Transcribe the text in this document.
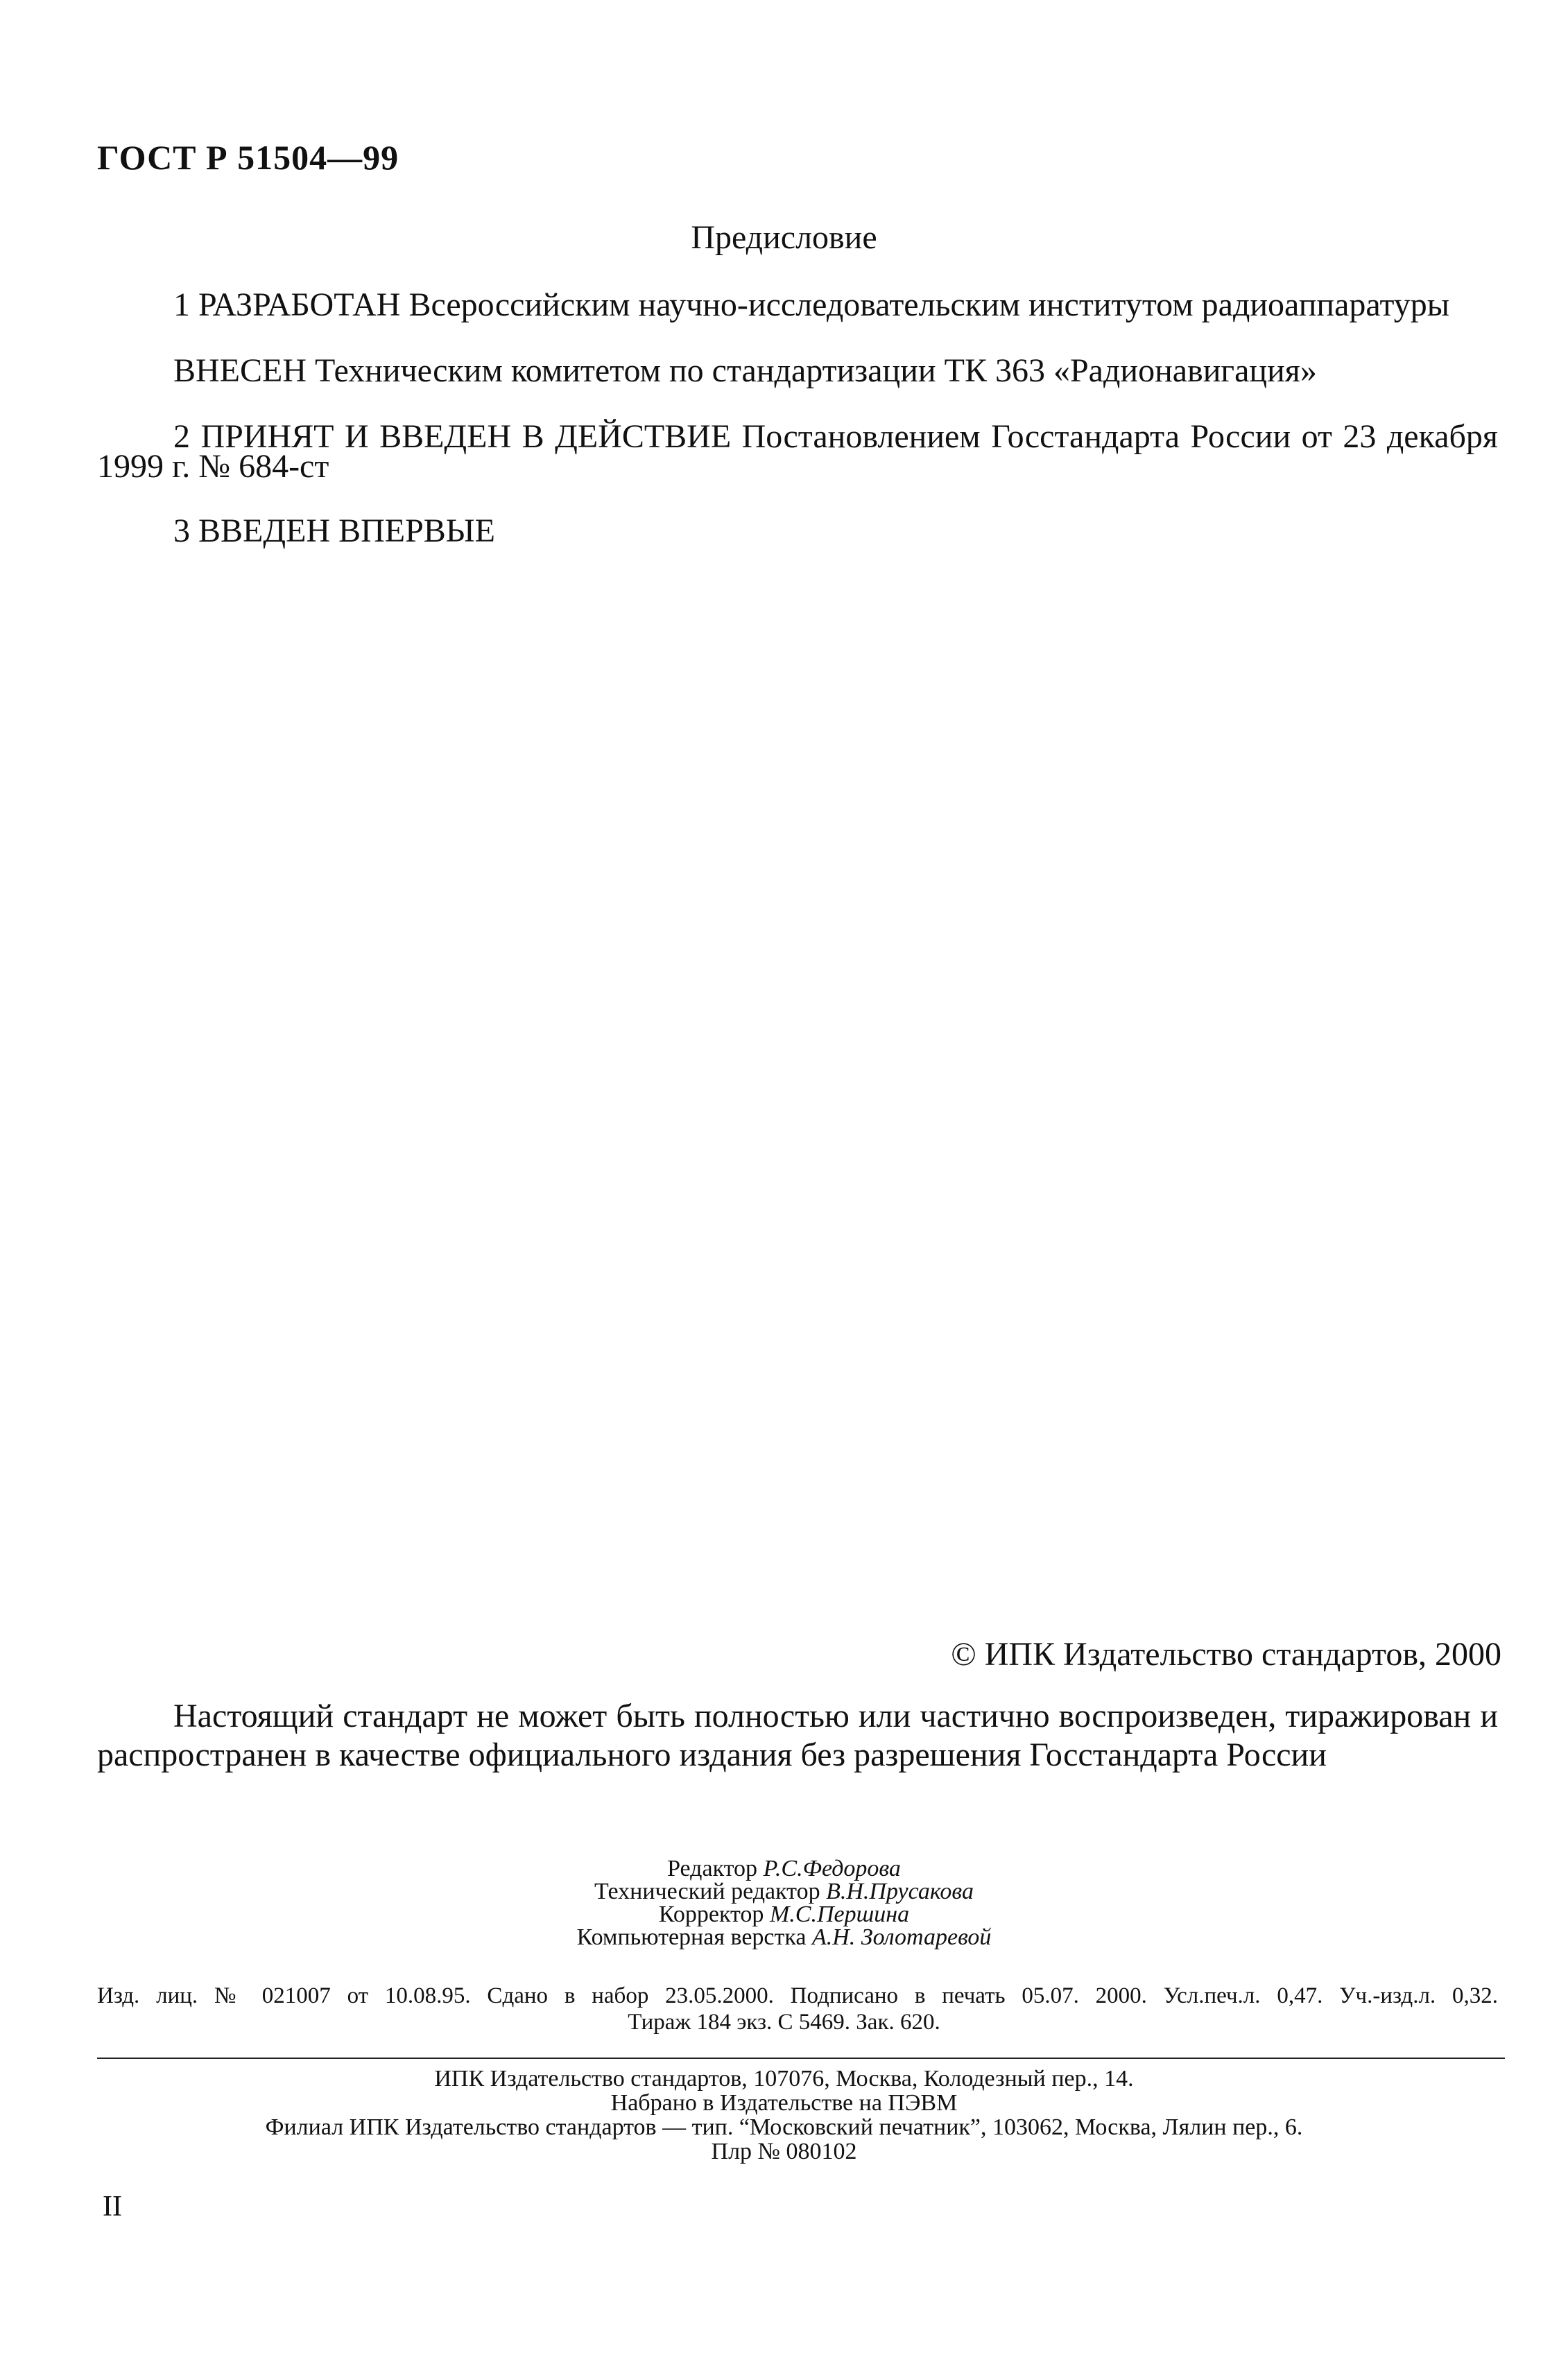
ГОСТ Р 51504—99
Предисловие
1 РАЗРАБОТАН Всероссийским научно-исследовательским институтом радиоаппаратуры
ВНЕСЕН Техническим комитетом по стандартизации ТК 363 «Радионавигация»
2 ПРИНЯТ И ВВЕДЕН В ДЕЙСТВИЕ Постановлением Госстандарта России от 23 декабря
1999 г. № 684-ст
3 ВВЕДЕН ВПЕРВЫЕ
© ИПК Издательство стандартов, 2000
Настоящий стандарт не может быть полностью или частично воспроизведен, тиражирован и
распространен в качестве официального издания без разрешения Госстандарта России
Редактор Р.С.Федорова
Технический редактор В.Н.Прусакова
Корректор М.С.Першина
Компьютерная верстка А.Н. Золотаревой
Изд. лиц. № 021007 от 10.08.95. Сдано в набор 23.05.2000. Подписано в печать 05.07. 2000. Усл.печ.л. 0,47. Уч.-изд.л. 0,32.
Тираж 184 экз. С 5469. Зак. 620.
ИПК Издательство стандартов, 107076, Москва, Колодезный пер., 14.
Набрано в Издательстве на ПЭВМ
Филиал ИПК Издательство стандартов — тип. “Московский печатник”, 103062, Москва, Лялин пер., 6.
Плр № 080102
II
